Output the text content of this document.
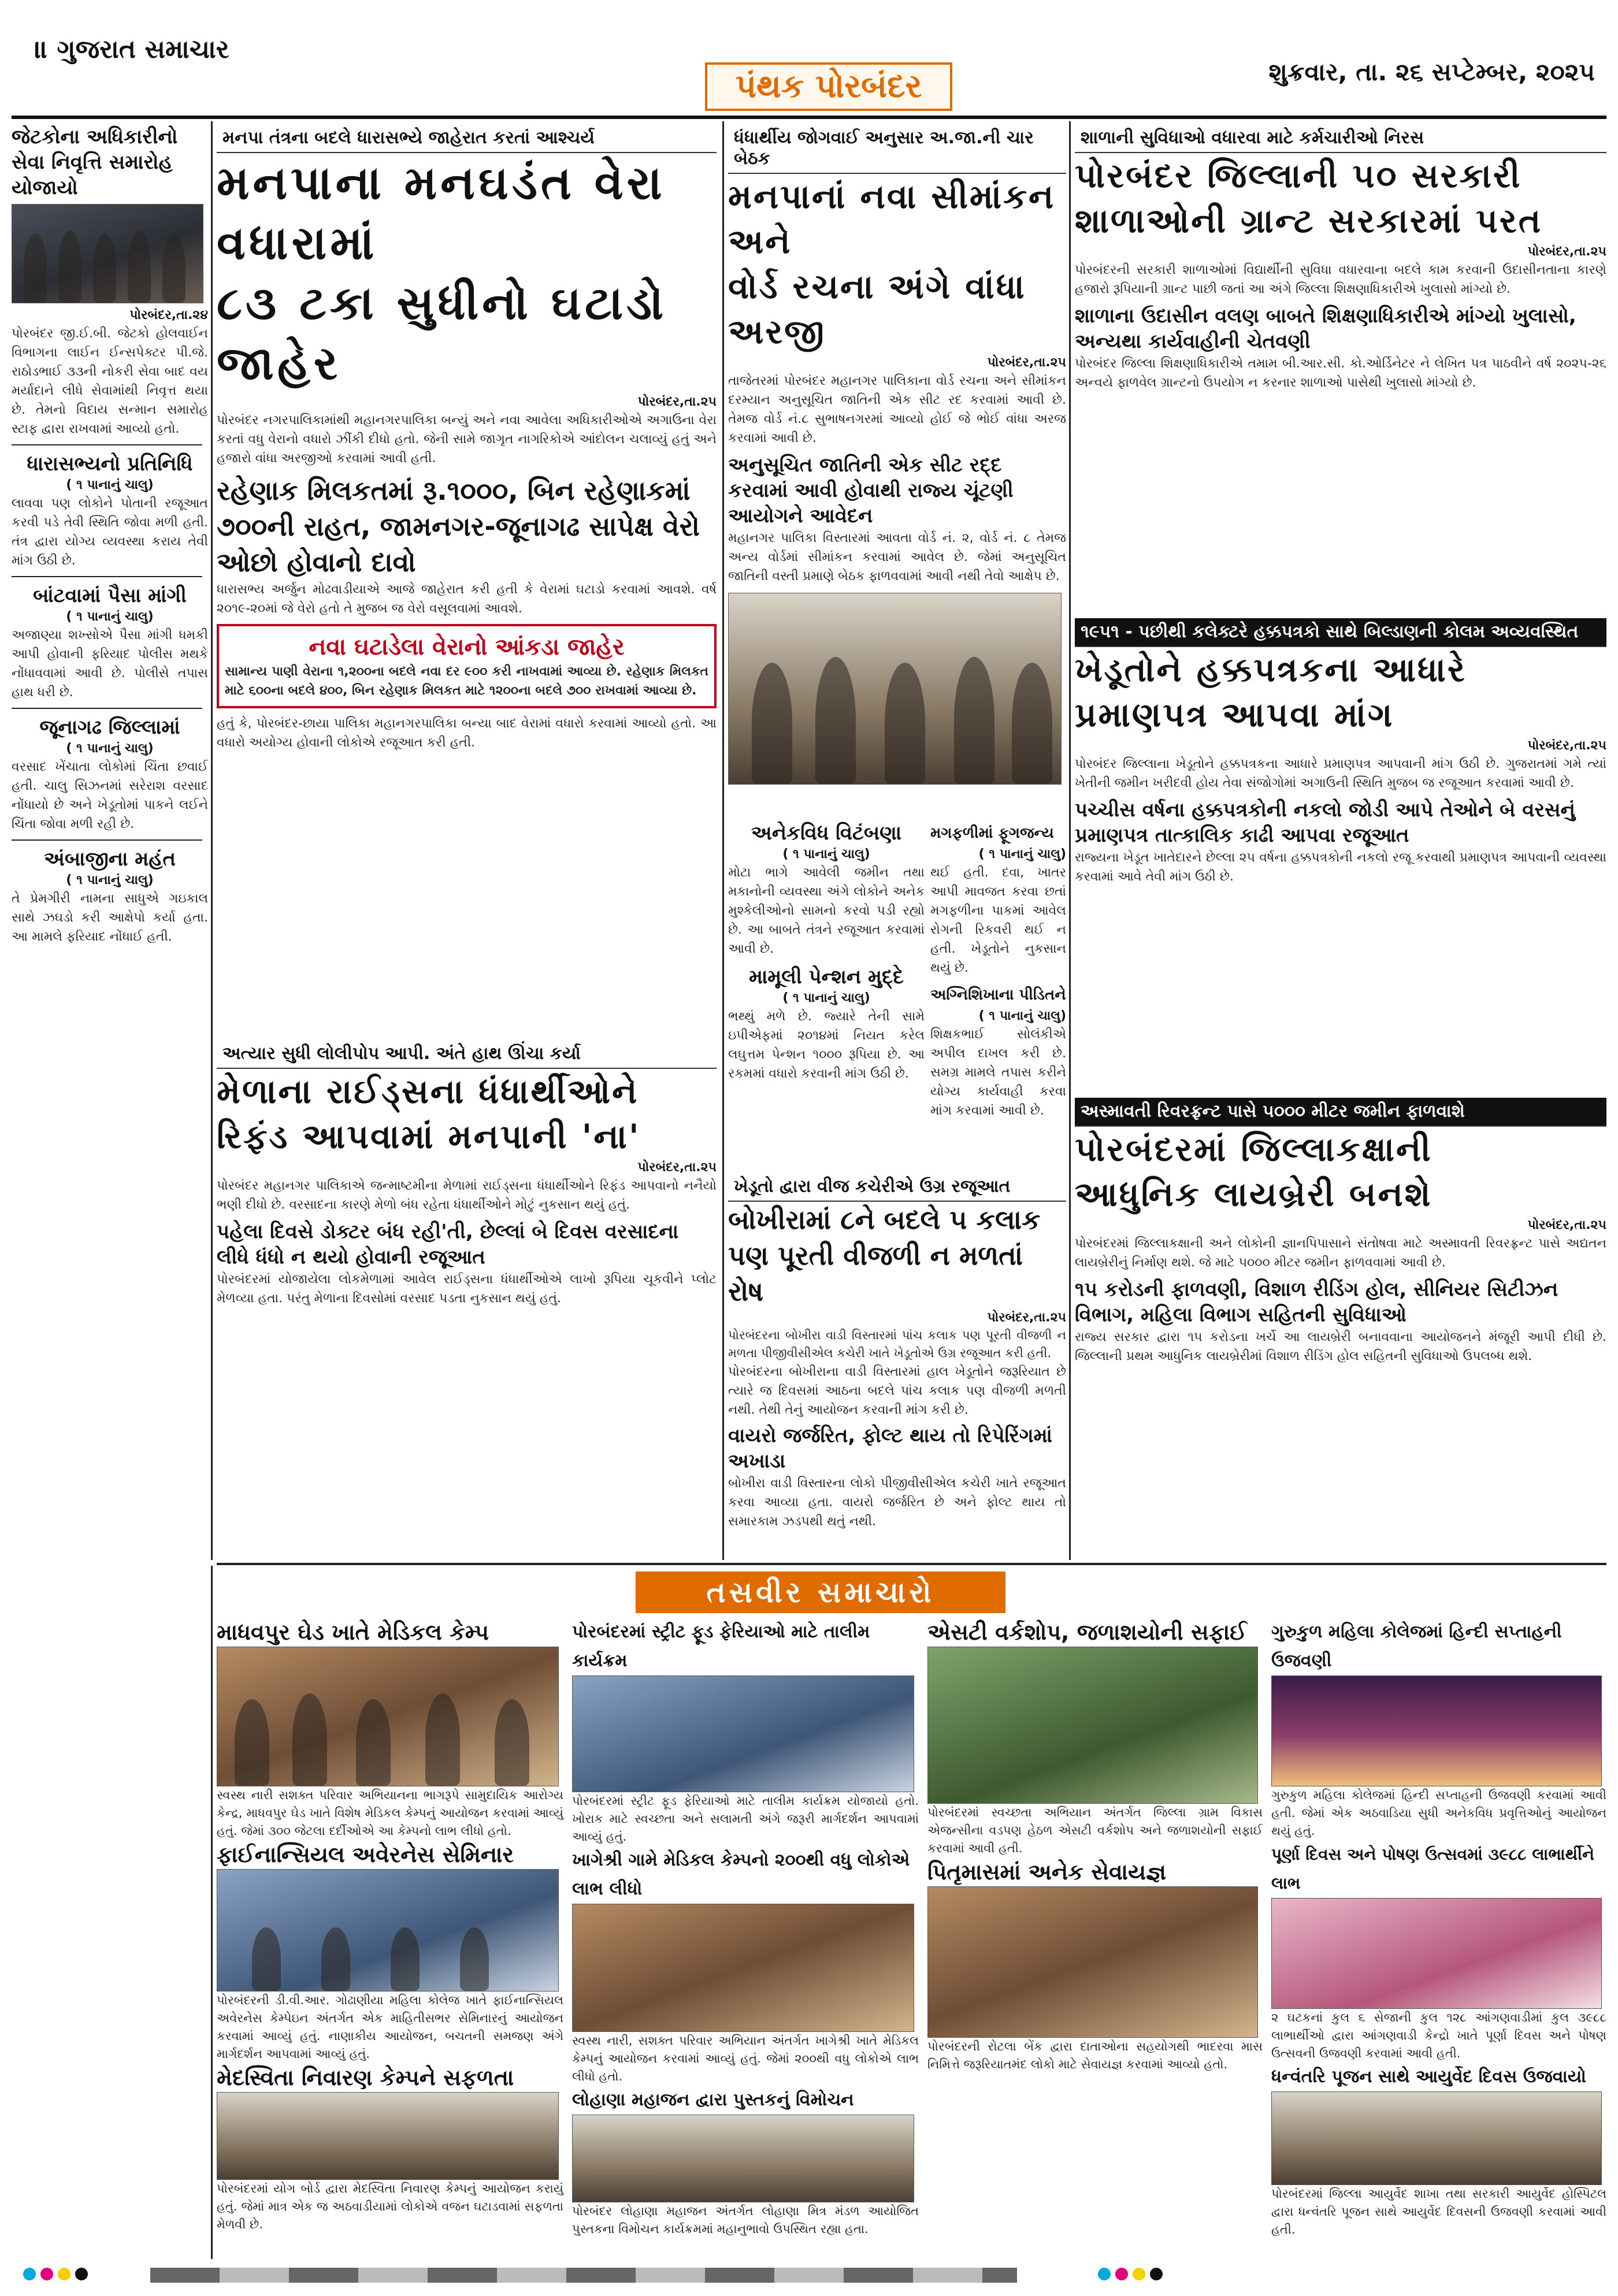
॥ ગુજરાત સમાચાર
પંથક પોરબંદર	શુક્રવાર, તા. ૨૬ સપ્ટેમ્બર, ૨૦૨૫
જેટકોના અધિકારીનો સેવા નિવૃત્તિ સમારોહ યોજાયો
પોરબંદર,તા.૨૪
પોરબંદર જી.ઈ.બી. જેટકો હોલવાઈન વિભાગના લાઈન ઈન્સપેક્ટર પી.જે. રાઠોડભાઈ ૩૩ની નોકરી સેવા બાદ વય મર્યાદાને લીધે સેવામાંથી નિવૃત્ત થયા છે. તેમનો વિદાય સન્માન સમારોહ સ્ટાફ દ્વારા રાખવામાં આવ્યો હતો.
ધારાસભ્યનો પ્રતિનિધિ
( ૧ પાનાનું ચાલુ)
લાવવા પણ લોકોને પોતાની રજૂઆત કરવી પડે તેવી સ્થિતિ જોવા મળી હતી. તંત્ર દ્વારા યોગ્ય વ્યવસ્થા કરાય તેવી માંગ ઉઠી છે.
બાંટવામાં પૈસા માંગી
( ૧ પાનાનું ચાલુ)
અજાણ્યા શખ્સોએ પૈસા માંગી ધમકી આપી હોવાની ફરિયાદ પોલીસ મથકે નોંધાવવામાં આવી છે. પોલીસે તપાસ હાથ ધરી છે.
જૂનાગઢ જિલ્લામાં
( ૧ પાનાનું ચાલુ)
વરસાદ ખેંચાતા લોકોમાં ચિંતા છવાઈ હતી. ચાલુ સિઝનમાં સરેરાશ વરસાદ નોંધાયો છે અને ખેડૂતોમાં પાકને લઈને ચિંતા જોવા મળી રહી છે.
અંબાજીના મહંત
( ૧ પાનાનું ચાલુ)
તે પ્રેમગીરી નામના સાધુએ ગઇકાલ સાથે ઝઘડો કરી આક્ષેપો કર્યા હતા. આ મામલે ફરિયાદ નોંધાઈ હતી.
મનપા તંત્રના બદલે ધારાસભ્યે જાહેરાત કરતાં આશ્ચર્ય
મનપાના મનઘડંત વેરા વધારામાં
૮૩ ટકા સુધીનો ઘટાડો જાહેર
પોરબંદર,તા.૨૫
પોરબંદર નગરપાલિકામાંથી મહાનગરપાલિકા બન્યું અને નવા આવેલા અધિકારીઓએ અગાઉના વેરા કરતાં વધુ વેરાનો વધારો ઝીંકી દીધો હતો. જેની સામે જાગૃત નાગરિકોએ આંદોલન ચલાવ્યું હતું અને હજારો વાંધા અરજીઓ કરવામાં આવી હતી.
રહેણાક મિલકતમાં રૂ.૧૦૦૦, બિન રહેણાકમાં ૭૦૦ની રાહત, જામનગર-જૂનાગઢ સાપેક્ષ વેરો ઓછો હોવાનો દાવો
ધારાસભ્ય અર્જુન મોઢવાડીયાએ આજે જાહેરાત કરી હતી કે વેરામાં ઘટાડો કરવામાં આવશે. વર્ષ ૨૦૧૯-૨૦માં જે વેરો હતો તે મુજબ જ વેરો વસૂલવામાં આવશે.
નવા ઘટાડેલા વેરાનો આંકડા જાહેર
સામાન્ય પાણી વેરાના ૧,૨૦૦ના બદલે નવા દર ૯૦૦ કરી નાખવામાં આવ્યા છે. રહેણાક મિલકત માટે ૬૦૦ના બદલે ૪૦૦, બિન રહેણાક મિલકત માટે ૧૨૦૦ના બદલે ૭૦૦ રાખવામાં આવ્યા છે.
હતું કે, પોરબંદર-છાયા પાલિકા મહાનગરપાલિકા બન્યા બાદ વેરામાં વધારો કરવામાં આવ્યો હતો. આ વધારો અયોગ્ય હોવાની લોકોએ રજૂઆત કરી હતી.
અત્યાર સુધી લોલીપોપ આપી. અંતે હાથ ઊંચા કર્યા
મેળાના રાઈડ્સના ધંધાર્થીઓને
રિફંડ આપવામાં મનપાની 'ના'
પોરબંદર,તા.૨૫
પોરબંદર મહાનગર પાલિકાએ જન્માષ્ટમીના મેળામાં રાઈડ્સના ધંધાર્થીઓને રિફંડ આપવાનો નનૈયો ભણી દીધો છે. વરસાદના કારણે મેળો બંધ રહેતા ધંધાર્થીઓને મોટું નુકસાન થયું હતું.
પહેલા દિવસે ડોક્ટર બંધ રહી'તી, છેલ્લાં બે દિવસ વરસાદના લીધે ધંધો ન થયો હોવાની રજૂઆત
પોરબંદરમાં યોજાયેલા લોકમેળામાં આવેલ રાઈડ્સના ધંધાર્થીઓએ લાખો રૂપિયા ચૂકવીને પ્લોટ મેળવ્યા હતા. પરંતુ મેળાના દિવસોમાં વરસાદ પડતા નુકસાન થયું હતું.
ધંધાર્થીય જોગવાઈ અનુસાર અ.જા.ની ચાર બેઠક
મનપાનાં નવા સીમાંકન અને
વોર્ડ રચના અંગે વાંધા અરજી
પોરબંદર,તા.૨૫
તાજેતરમાં પોરબંદર મહાનગર પાલિકાના વોર્ડ રચના અને સીમાંકન દરમ્યાન અનુસૂચિત જાતિની એક સીટ રદ કરવામાં આવી છે. તેમજ વોર્ડ નં.૮ સુભાષનગરમાં આવ્યો હોઈ જે ભોઈ વાંધા અરજ કરવામાં આવી છે.
અનુસૂચિત જાતિની એક સીટ રદ્દ કરવામાં આવી હોવાથી રાજ્ય ચૂંટણી આયોગને આવેદન
મહાનગર પાલિકા વિસ્તારમાં આવતા વોર્ડ નં. ૨, વોર્ડ નં. ૮ તેમજ અન્ય વોર્ડમાં સીમાંકન કરવામાં આવેલ છે. જેમાં અનુસૂચિત જાતિની વસ્તી પ્રમાણે બેઠક ફાળવવામાં આવી નથી તેવો આક્ષેપ છે.
અનેકવિધ વિટંબણા
( ૧ પાનાનું ચાલુ)
મોટા ભાગે આવેલી જમીન તથા મકાનોની વ્યવસ્થા અંગે લોકોને અનેક મુશ્કેલીઓનો સામનો કરવો પડી રહ્યો છે. આ બાબતે તંત્રને રજૂઆત કરવામાં આવી છે.
મામૂલી પેન્શન મુદ્દે
( ૧ પાનાનું ચાલુ)
ભથ્થું મળે છે. જ્યારે તેની સામે ઇપીએફમાં ૨૦૧૪માં નિયત કરેલ લઘુત્તમ પેન્શન ૧૦૦૦ રૂપિયા છે. આ રકમમાં વધારો કરવાની માંગ ઉઠી છે.
મગફળીમાં ફૂગજન્ય
( ૧ પાનાનું ચાલુ)
થઈ હતી. દવા, ખાતર આપી માવજત કરવા છતાં મગફળીના પાકમાં આવેલ રોગની રિકવરી થઈ ન હતી. ખેડૂતોને નુકસાન થયું છે.
અગ્નિશિખાના પીડિતને
( ૧ પાનાનું ચાલુ)
શિક્ષકભાઈ સોલંકીએ અપીલ દાખલ કરી છે. સમગ્ર મામલે તપાસ કરીને યોગ્ય કાર્યવાહી કરવા માંગ કરવામાં આવી છે.
ખેડૂતો દ્વારા વીજ કચેરીએ ઉગ્ર રજૂઆત
બોખીરામાં ૮ને બદલે ૫ કલાક
પણ પૂરતી વીજળી ન મળતાં રોષ
પોરબંદર,તા.૨૫
પોરબંદરના બોખીરા વાડી વિસ્તારમાં પાંચ કલાક પણ પૂરતી વીજળી ન મળતા પીજીવીસીએલ કચેરી ખાતે ખેડૂતોએ ઉગ્ર રજૂઆત કરી હતી.
પોરબંદરના બોખીરાના વાડી વિસ્તારમાં હાલ ખેડૂતોને જરૂરિયાત છે ત્યારે જ દિવસમાં આઠના બદલે પાંચ કલાક પણ વીજળી મળતી નથી. તેથી તેનું આયોજન કરવાની માંગ કરી છે.
વાયરો જર્જરિત, ફોલ્ટ થાય તો રિપેરિંગમાં અખાડા
બોખીરા વાડી વિસ્તારના લોકો પીજીવીસીએલ કચેરી ખાતે રજૂઆત કરવા આવ્યા હતા. વાયરો જર્જરિત છે અને ફોલ્ટ થાય તો સમારકામ ઝડપથી થતું નથી.
શાળાની સુવિધાઓ વધારવા માટે કર્મચારીઓ નિરસ
પોરબંદર જિલ્લાની ૫૦ સરકારી
શાળાઓની ગ્રાન્ટ સરકારમાં પરત
પોરબંદર,તા.૨૫
પોરબંદરની સરકારી શાળાઓમાં વિદ્યાર્થીની સુવિધા વધારવાના બદલે કામ કરવાની ઉદાસીનતાના કારણે હજારો રૂપિયાની ગ્રાન્ટ પાછી જતાં આ અંગે જિલ્લા શિક્ષણાધિકારીએ ખુલાસો માંગ્યો છે.
શાળાના ઉદાસીન વલણ બાબતે શિક્ષણાધિકારીએ માંગ્યો ખુલાસો, અન્યથા કાર્યવાહીની ચેતવણી
પોરબંદર જિલ્લા શિક્ષણાધિકારીએ તમામ બી.આર.સી. કો.ઓર્ડિનેટર ને લેખિત પત્ર પાઠવીને વર્ષ ૨૦૨૫-૨૬ અન્વયે ફાળવેલ ગ્રાન્ટનો ઉપયોગ ન કરનાર શાળાઓ પાસેથી ખુલાસો માંગ્યો છે.
૧૯૫૧ - પછીથી કલેક્ટરે હક્કપત્રકો સાથે બિલ્ડાણની કોલમ અવ્યવસ્થિત
ખેડૂતોને હક્કપત્રકના આધારે
પ્રમાણપત્ર આપવા માંગ
પોરબંદર,તા.૨૫
પોરબંદર જિલ્લાના ખેડૂતોને હક્કપત્રકના આધારે પ્રમાણપત્ર આપવાની માંગ ઉઠી છે. ગુજરાતમાં ગમે ત્યાં ખેતીની જમીન ખરીદવી હોય તેવા સંજોગોમાં અગાઉની સ્થિતિ મુજબ જ રજૂઆત કરવામાં આવી છે.
પચ્ચીસ વર્ષના હક્કપત્રકોની નકલો જોડી આપે તેઓને બે વરસનું પ્રમાણપત્ર તાત્કાલિક કાઢી આપવા રજૂઆત
રાજ્યના ખેડૂત ખાતેદારને છેલ્લા ૨૫ વર્ષના હક્કપત્રકોની નકલો રજૂ કરવાથી પ્રમાણપત્ર આપવાની વ્યવસ્થા કરવામાં આવે તેવી માંગ ઉઠી છે.
અસ્માવતી રિવરફ્રન્ટ પાસે ૫૦૦૦ મીટર જમીન ફાળવાશે
પોરબંદરમાં જિલ્લાકક્ષાની
આધુનિક લાયબ્રેરી બનશે
પોરબંદર,તા.૨૫
પોરબંદરમાં જિલ્લાકક્ષાની અને લોકોની જ્ઞાનપિપાસાને સંતોષવા માટે અસ્માવતી રિવરફ્રન્ટ પાસે અદ્યતન લાયબ્રેરીનું નિર્માણ થશે. જે માટે ૫૦૦૦ મીટર જમીન ફાળવવામાં આવી છે.
૧૫ કરોડની ફાળવણી, વિશાળ રીડિંગ હોલ, સીનિયર સિટીઝન વિભાગ, મહિલા વિભાગ સહિતની સુવિધાઓ
રાજ્ય સરકાર દ્વારા ૧૫ કરોડના ખર્ચે આ લાયબ્રેરી બનાવવાના આયોજનને મંજૂરી આપી દીધી છે. જિલ્લાની પ્રથમ આધુનિક લાયબ્રેરીમાં વિશાળ રીડિંગ હોલ સહિતની સુવિધાઓ ઉપલબ્ધ થશે.
તસવીર સમાચારો
માધવપુર ઘેડ ખાતે મેડિકલ કેમ્પ
સ્વસ્થ નારી સશક્ત પરિવાર અભિયાનના ભાગરૂપે સામુદાયિક આરોગ્ય કેન્દ્ર, માધવપુર ઘેડ ખાતે વિશેષ મેડિકલ કેમ્પનું આયોજન કરવામાં આવ્યું હતું. જેમાં ૩૦૦ જેટલા દર્દીઓએ આ કેમ્પનો લાભ લીધો હતો.
ફાઈનાન્સિયલ અવેરનેસ સેમિનાર
પોરબંદરની ડી.વી.આર. ગોઢાણીયા મહિલા કોલેજ ખાતે ફાઈનાન્સિયલ અવેરનેસ કેમ્પેઇન અંતર્ગત એક માહિતીસભર સેમિનારનું આયોજન કરવામાં આવ્યું હતું. નાણાકીય આયોજન, બચતની સમજણ અંગે માર્ગદર્શન આપવામાં આવ્યું હતું.
મેદસ્વિતા નિવારણ કેમ્પને સફળતા
પોરબંદરમાં યોગ બોર્ડ દ્વારા મેદસ્વિતા નિવારણ કેમ્પનું આયોજન કરાયું હતું. જેમાં માત્ર એક જ અઠવાડીયામાં લોકોએ વજન ઘટાડવામાં સફળતા મેળવી છે.
પોરબંદરમાં સ્ટ્રીટ ફૂડ ફેરિયાઓ માટે તાલીમ કાર્યક્રમ
પોરબંદરમાં સ્ટ્રીટ ફૂડ ફેરિયાઓ માટે તાલીમ કાર્યક્રમ યોજાયો હતો. ખોરાક માટે સ્વચ્છતા અને સલામતી અંગે જરૂરી માર્ગદર્શન આપવામાં આવ્યું હતું.
ખાગેશ્રી ગામે મેડિકલ કેમ્પનો ૨૦૦થી વધુ લોકોએ લાભ લીધો
સ્વસ્થ નારી, સશક્ત પરિવાર અભિયાન અંતર્ગત ખાગેશ્રી ખાતે મેડિકલ કેમ્પનું આયોજન કરવામાં આવ્યું હતું. જેમાં ૨૦૦થી વધુ લોકોએ લાભ લીધો હતો.
લોહાણા મહાજન દ્વારા પુસ્તકનું વિમોચન
પોરબંદર લોહાણા મહાજન અંતર્ગત લોહાણા મિત્ર મંડળ આયોજિત પુસ્તકના વિમોચન કાર્યક્રમમાં મહાનુભાવો ઉપસ્થિત રહ્યા હતા.
એસટી વર્કશોપ, જળાશયોની સફાઈ
પોરબંદરમાં સ્વચ્છતા અભિયાન અંતર્ગત જિલ્લા ગ્રામ વિકાસ એજન્સીના વડપણ હેઠળ એસટી વર્કશોપ અને જળાશયોની સફાઈ કરવામાં આવી હતી.
પિતૃમાસમાં અનેક સેવાયજ્ઞ
પોરબંદરની રોટલા બેંક દ્વારા દાતાઓના સહયોગથી ભાદરવા માસ નિમિત્તે જરૂરિયાતમંદ લોકો માટે સેવાયજ્ઞ કરવામાં આવ્યો હતો.
ગુરુકુળ મહિલા કોલેજમાં હિન્દી સપ્તાહની ઉજવણી
ગુરુકુળ મહિલા કોલેજમાં હિન્દી સપ્તાહની ઉજવણી કરવામાં આવી હતી. જેમાં એક અઠવાડિયા સુધી અનેકવિધ પ્રવૃત્તિઓનું આયોજન થયું હતું.
પૂર્ણા દિવસ અને પોષણ ઉત્સવમાં ૩૯૮૮ લાભાર્થીને લાભ
૨ ઘટકનાં કુલ ૬ સેજાની કુલ ૧૨૮ આંગણવાડીમાં કુલ ૩૯૮૮ લાભાર્થીઓ દ્વારા આંગણવાડી કેન્દ્રો ખાતે પૂર્ણા દિવસ અને પોષણ ઉત્સવની ઉજવણી કરવામાં આવી હતી.
ધન્વંતરિ પૂજન સાથે આયુર્વેદ દિવસ ઉજવાયો
પોરબંદરમાં જિલ્લા આયુર્વેદ શાખા તથા સરકારી આયુર્વેદ હોસ્પિટલ દ્વારા ધન્વંતરિ પૂજન સાથે આયુર્વેદ દિવસની ઉજવણી કરવામાં આવી હતી.
